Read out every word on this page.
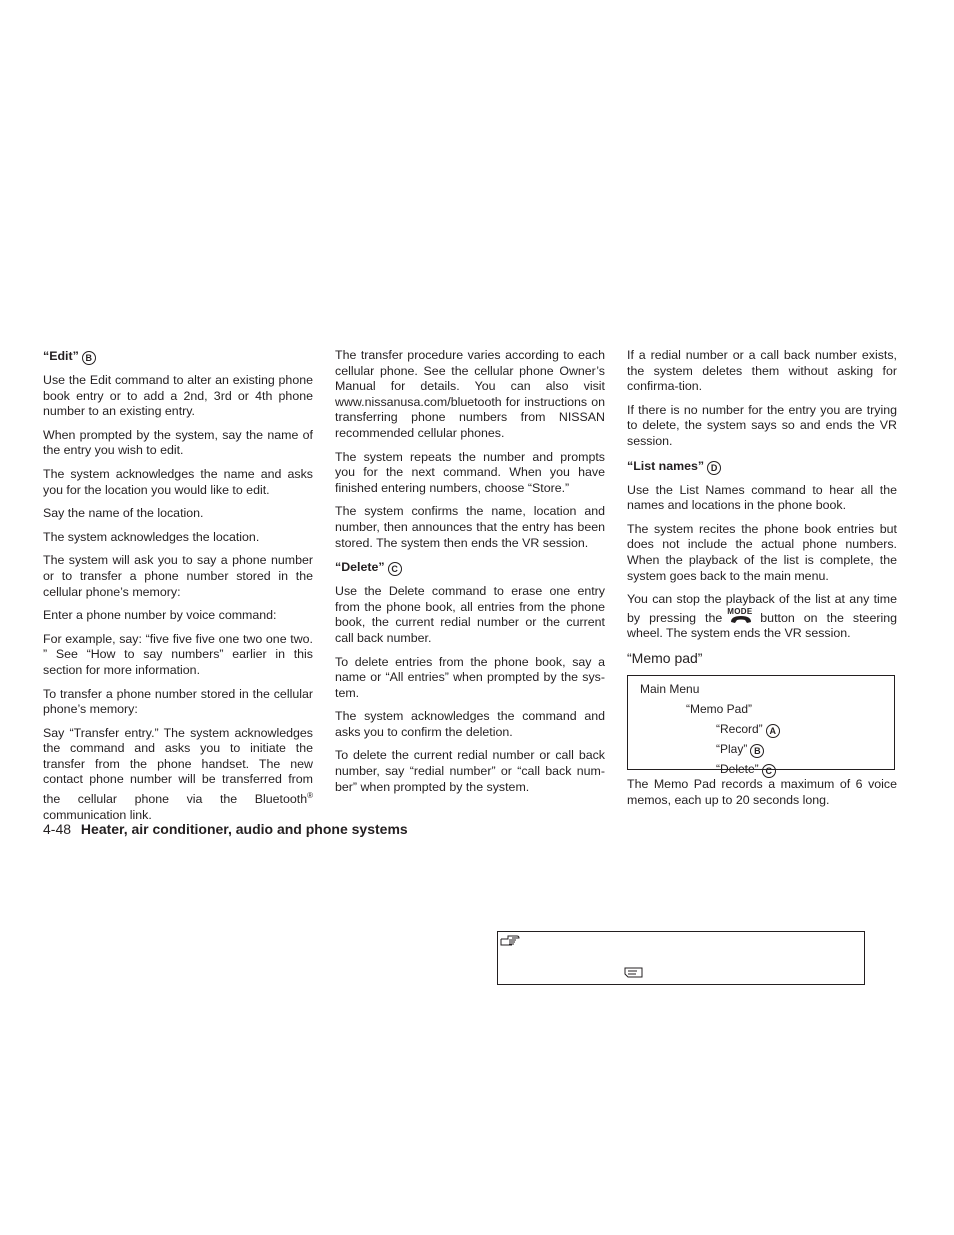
“Edit” B

Use the Edit command to alter an existing phone book entry or to add a 2nd, 3rd or 4th phone number to an existing entry.

When prompted by the system, say the name of the entry you wish to edit.

The system acknowledges the name and asks you for the location you would like to edit.

Say the name of the location.

The system acknowledges the location.

The system will ask you to say a phone number or to transfer a phone number stored in the cellular phone’s memory:

Enter a phone number by voice command:

For example, say: “five five five one two one two. ” See “How to say numbers” earlier in this section for more information.

To transfer a phone number stored in the cellular phone’s memory:

Say “Transfer entry.” The system acknowledges the command and asks you to initiate the transfer from the phone handset. The new contact phone number will be transferred from the cellular phone via the Bluetooth® communication link.

The transfer procedure varies according to each cellular phone. See the cellular phone Owner’s Manual for details. You can also visit www.nissanusa.com/bluetooth for instructions on transferring phone numbers from NISSAN recommended cellular phones.

The system repeats the number and prompts you for the next command. When you have finished entering numbers, choose “Store.”

The system confirms the name, location and number, then announces that the entry has been stored. The system then ends the VR session.

“Delete” C

Use the Delete command to erase one entry from the phone book, all entries from the phone book, the current redial number or the current call back number.

To delete entries from the phone book, say a name or “All entries” when prompted by the sys-tem.

The system acknowledges the command and asks you to confirm the deletion.

To delete the current redial number or call back number, say “redial number” or “call back num-ber” when prompted by the system.

If a redial number or a call back number exists, the system deletes them without asking for confirma-tion.

If there is no number for the entry you are trying to delete, the system says so and ends the VR session.

“List names” D

Use the List Names command to hear all the names and locations in the phone book.

The system recites the phone book entries but does not include the actual phone numbers. When the playback of the list is complete, the system goes back to the main menu.

You can stop the playback of the list at any time by pressing the MODE button on the steering wheel. The system ends the VR session.

“Memo pad”
Main Menu
“Memo Pad”
“Record” A
“Play” B
“Delete” C

The Memo Pad records a maximum of 6 voice memos, each up to 20 seconds long.

4-48 Heater, air conditioner, audio and phone systems
